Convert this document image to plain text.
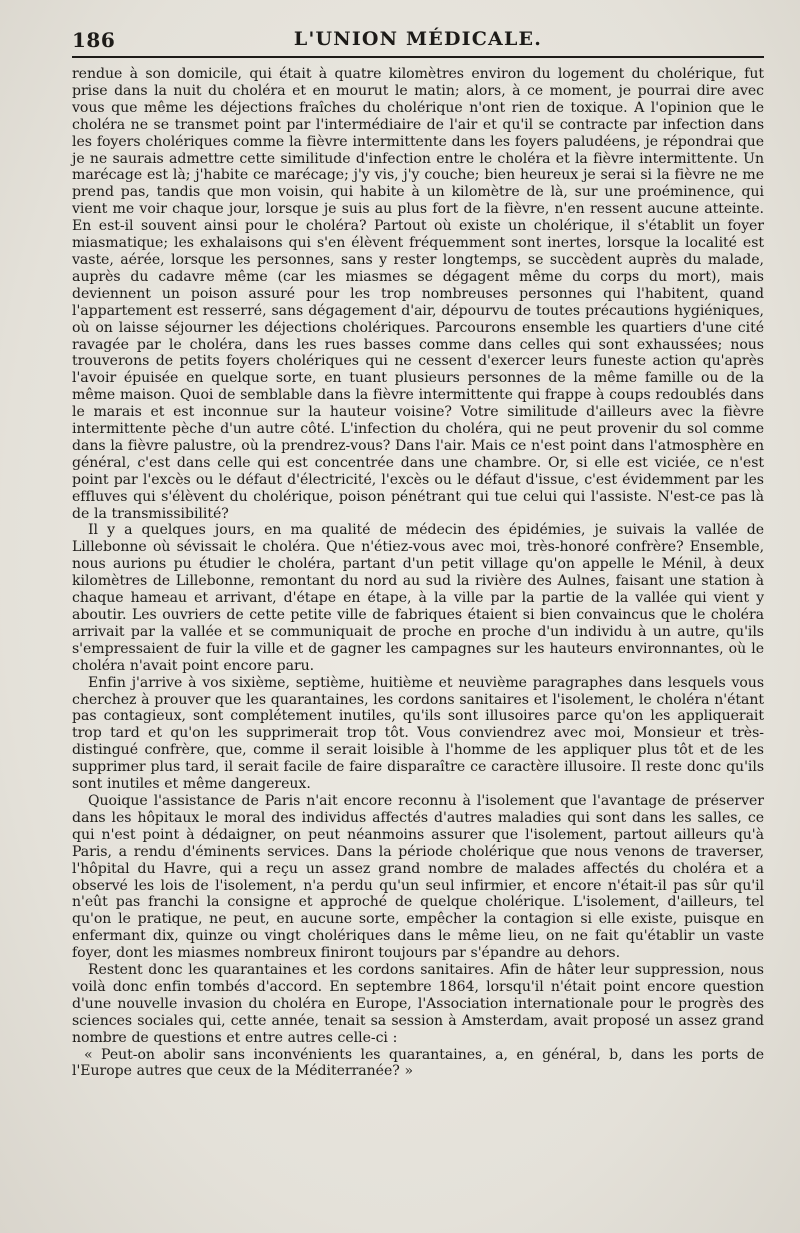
186	L'UNION MÉDICALE.

rendue à son domicile, qui était à quatre kilomètres environ du logement du cholérique, fut prise dans la nuit du choléra et en mourut le matin; alors, à ce moment, je pourrai dire avec vous que même les déjections fraîches du cholérique n'ont rien de toxique. A l'opinion que le choléra ne se transmet point par l'intermédiaire de l'air et qu'il se contracte par infection dans les foyers cholériques comme la fièvre intermittente dans les foyers paludéens, je répondrai que je ne saurais admettre cette similitude d'infection entre le choléra et la fièvre intermittente. Un marécage est là; j'habite ce marécage; j'y vis, j'y couche; bien heureux je serai si la fièvre ne me prend pas, tandis que mon voisin, qui habite à un kilomètre de là, sur une proéminence, qui vient me voir chaque jour, lorsque je suis au plus fort de la fièvre, n'en ressent aucune atteinte. En est-il souvent ainsi pour le choléra? Partout où existe un cholérique, il s'établit un foyer miasmatique; les exhalaisons qui s'en élèvent fréquemment sont inertes, lorsque la localité est vaste, aérée, lorsque les personnes, sans y rester longtemps, se succèdent auprès du malade, auprès du cadavre même (car les miasmes se dégagent même du corps du mort), mais deviennent un poison assuré pour les trop nombreuses personnes qui l'habitent, quand l'appartement est resserré, sans dégagement d'air, dépourvu de toutes précautions hygiéniques, où on laisse séjourner les déjections cholériques. Parcourons ensemble les quartiers d'une cité ravagée par le choléra, dans les rues basses comme dans celles qui sont exhaussées; nous trouverons de petits foyers cholériques qui ne cessent d'exercer leurs funeste action qu'après l'avoir épuisée en quelque sorte, en tuant plusieurs personnes de la même famille ou de la même maison. Quoi de semblable dans la fièvre intermittente qui frappe à coups redoublés dans le marais et est inconnue sur la hauteur voisine? Votre similitude d'ailleurs avec la fièvre intermittente pèche d'un autre côté. L'infection du choléra, qui ne peut provenir du sol comme dans la fièvre palustre, où la prendrez-vous? Dans l'air. Mais ce n'est point dans l'atmosphère en général, c'est dans celle qui est concentrée dans une chambre. Or, si elle est viciée, ce n'est point par l'excès ou le défaut d'électricité, l'excès ou le défaut d'issue, c'est évidemment par les effluves qui s'élèvent du cholérique, poison pénétrant qui tue celui qui l'assiste. N'est-ce pas là de la transmissibilité?

Il y a quelques jours, en ma qualité de médecin des épidémies, je suivais la vallée de Lillebonne où sévissait le choléra. Que n'étiez-vous avec moi, très-honoré confrère? Ensemble, nous aurions pu étudier le choléra, partant d'un petit village qu'on appelle le Ménil, à deux kilomètres de Lillebonne, remontant du nord au sud la rivière des Aulnes, faisant une station à chaque hameau et arrivant, d'étape en étape, à la ville par la partie de la vallée qui vient y aboutir. Les ouvriers de cette petite ville de fabriques étaient si bien convaincus que le choléra arrivait par la vallée et se communiquait de proche en proche d'un individu à un autre, qu'ils s'empressaient de fuir la ville et de gagner les campagnes sur les hauteurs environnantes, où le choléra n'avait point encore paru.

Enfin j'arrive à vos sixième, septième, huitième et neuvième paragraphes dans lesquels vous cherchez à prouver que les quarantaines, les cordons sanitaires et l'isolement, le choléra n'étant pas contagieux, sont complétement inutiles, qu'ils sont illusoires parce qu'on les appliquerait trop tard et qu'on les supprimerait trop tôt. Vous conviendrez avec moi, Monsieur et très-distingué confrère, que, comme il serait loisible à l'homme de les appliquer plus tôt et de les supprimer plus tard, il serait facile de faire disparaître ce caractère illusoire. Il reste donc qu'ils sont inutiles et même dangereux.

Quoique l'assistance de Paris n'ait encore reconnu à l'isolement que l'avantage de préserver dans les hôpitaux le moral des individus affectés d'autres maladies qui sont dans les salles, ce qui n'est point à dédaigner, on peut néanmoins assurer que l'isolement, partout ailleurs qu'à Paris, a rendu d'éminents services. Dans la période cholérique que nous venons de traverser, l'hôpital du Havre, qui a reçu un assez grand nombre de malades affectés du choléra et a observé les lois de l'isolement, n'a perdu qu'un seul infirmier, et encore n'était-il pas sûr qu'il n'eût pas franchi la consigne et approché de quelque cholérique. L'isolement, d'ailleurs, tel qu'on le pratique, ne peut, en aucune sorte, empêcher la contagion si elle existe, puisque en enfermant dix, quinze ou vingt cholériques dans le même lieu, on ne fait qu'établir un vaste foyer, dont les miasmes nombreux finiront toujours par s'épandre au dehors.

Restent donc les quarantaines et les cordons sanitaires. Afin de hâter leur suppression, nous voilà donc enfin tombés d'accord. En septembre 1864, lorsqu'il n'était point encore question d'une nouvelle invasion du choléra en Europe, l'Association internationale pour le progrès des sciences sociales qui, cette année, tenait sa session à Amsterdam, avait proposé un assez grand nombre de questions et entre autres celle-ci :

« Peut-on abolir sans inconvénients les quarantaines, a, en général, b, dans les ports de l'Europe autres que ceux de la Méditerranée? »
